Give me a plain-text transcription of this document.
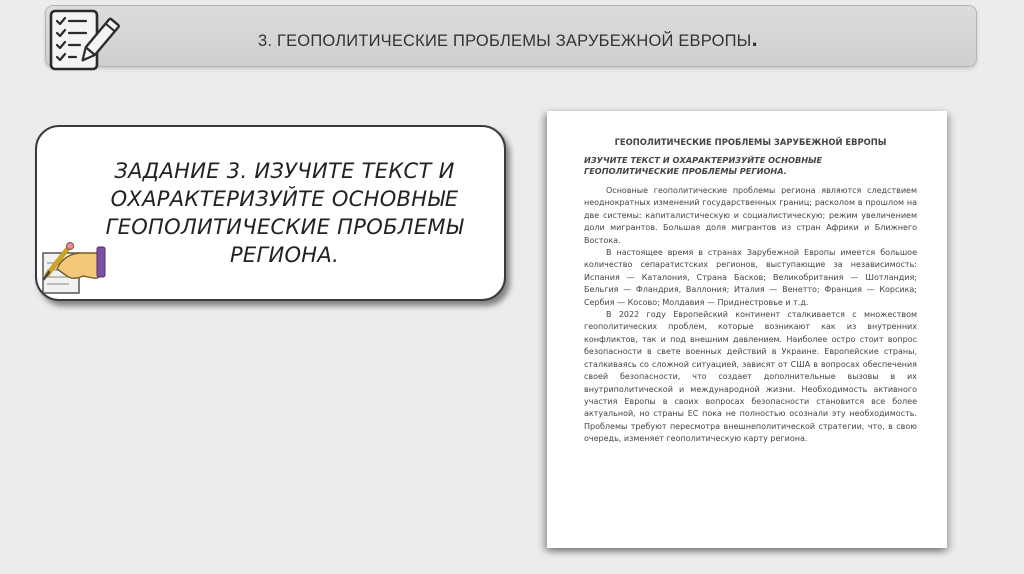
3. ГЕОПОЛИТИЧЕСКИЕ ПРОБЛЕМЫ ЗАРУБЕЖНОЙ ЕВРОПЫ.
ЗАДАНИЕ 3. ИЗУЧИТЕ ТЕКСТ И ОХАРАКТЕРИЗУЙТЕ ОСНОВНЫЕ ГЕОПОЛИТИЧЕСКИЕ ПРОБЛЕМЫ РЕГИОНА.
ГЕОПОЛИТИЧЕСКИЕ ПРОБЛЕМЫ ЗАРУБЕЖНОЙ ЕВРОПЫ
ИЗУЧИТЕ ТЕКСТ И ОХАРАКТЕРИЗУЙТЕ ОСНОВНЫЕ ГЕОПОЛИТИЧЕСКИЕ ПРОБЛЕМЫ РЕГИОНА.

Основные геополитические проблемы региона являются следствием неоднократных изменений государственных границ; расколом в прошлом на две системы: капиталистическую и социалистическую; режим увеличением доли мигрантов. Большая доля мигрантов из стран Африки и Ближнего Востока.

В настоящее время в странах Зарубежной Европы имеется большое количество сепаратистских регионов, выступающие за независимость: Испания — Каталония, Страна Басков; Великобритания — Шотландия; Бельгия — Фландрия, Валлония; Италия — Венетто; Франция — Корсика; Сербия — Косово; Молдавия — Приднестровье и т.д.

В 2022 году Европейский континент сталкивается с множеством геополитических проблем, которые возникают как из внутренних конфликтов, так и под внешним давлением. Наиболее остро стоит вопрос безопасности в свете военных действий в Украине. Европейские страны, сталкиваясь со сложной ситуацией, зависят от США в вопросах обеспечения своей безопасности, что создает дополнительные вызовы в их внутриполитической и международной жизни. Необходимость активного участия Европы в своих вопросах безопасности становится все более актуальной, но страны ЕС пока не полностью осознали эту необходимость. Проблемы требуют пересмотра внешнеполитической стратегии, что, в свою очередь, изменяет геополитическую карту региона.
